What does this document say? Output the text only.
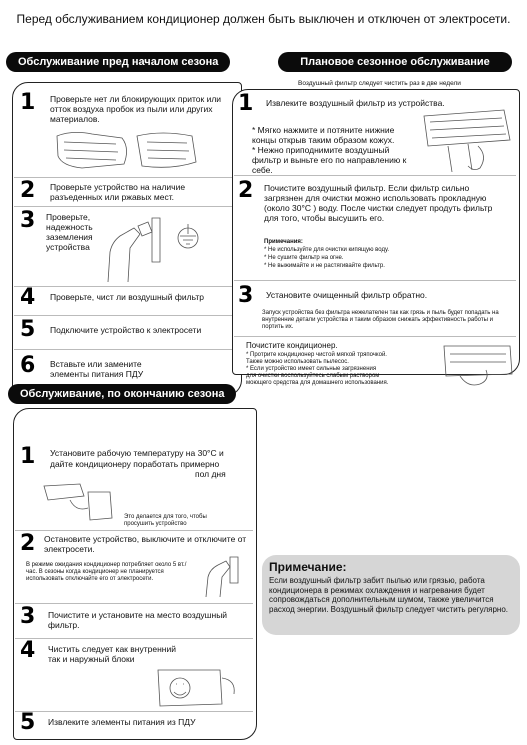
Перед обслуживанием кондиционер должен быть выключен и отключен от электросети.
Обслуживание пред началом сезона
1 Проверьте нет ли блокирующих приток или отток воздуха пробок из пыли или других материалов.
2 Проверьте устройство на наличие разъеденных или ржавых мест.
3 Проверьте, надежность заземления устройства
4 Проверьте, чист ли воздушный фильтр
5 Подключите устройство к электросети
6 Вставьте или замените элементы питания ПДУ
Плановое сезонное обслуживание
Воздушный фильтр следует чистить раз в две недели
1 Извлеките воздушный фильтр из устройства.
* Мягко нажмите и потяните нижние концы открыв таким образом кожух.
* Нежно приподнимите воздушный фильтр и выньте его по направлению к себе.
2 Почистите воздушный фильтр. Если фильтр сильно загрязнен для очистки можно использовать прокладную (около 30°C ) воду. После чистки следует продуть фильтр для того, чтобы высушить его.
Примечания:
* Не используйте для очистки кипящую воду.
* Не сушите фильтр на огне.
* Не выжимайте и не растягивайте фильтр.
3 Установите очищенный фильтр обратно.
Запуск устройства без фильтра нежелателен так как грязь и пыль будет попадать на внутренние детали устройства и таким образом снижать эффективность работы и портить их.
Почистите кондиционер.
* Протрите кондиционер чистой мягкой тряпочкой.
Также можно использовать пылесос.
* Если устройство имеет сильные загрязнения
для очистки воспользуйтесь слабым раствором
моющего средства для домашнего использования.
Обслуживание, по окончанию сезона
1 Установите рабочую температуру на 30°C и
дайте кондиционеру поработать примерно
пол дня
Это делается для того, чтобы просушить устройство
2 Остановите устройство, выключите и отключите от электросети.
В режиме ожидания кондиционер потребляет около 5 вт./час. В сезоны когда кондиционер не планируется использовать отключайте его от электросети.
3 Почистите и установите на место воздушный фильтр.
4 Чистить следует как внутренний так и наружный блоки
5 Извлеките элементы питания из ПДУ
Примечание:
Если воздушный фильтр забит пылью или грязью, работа кондиционера в режимах охлаждения и нагревания будет сопровождаться дополнительным шумом, также увеличится расход энергии. Воздушный фильтр следует чистить регулярно.
